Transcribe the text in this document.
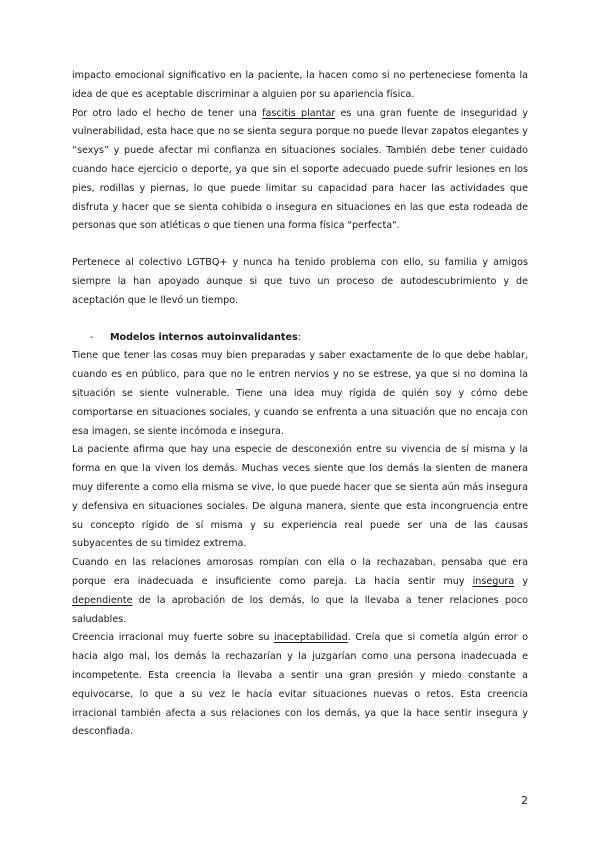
impacto emocional significativo en la paciente, la hacen como si no perteneciese fomenta la idea de que es aceptable discriminar a alguien por su apariencia física.

Por otro lado el hecho de tener una fascitis plantar es una gran fuente de inseguridad y vulnerabilidad, esta hace que no se sienta segura porque no puede llevar zapatos elegantes y “sexys” y puede afectar mi confianza en situaciones sociales. También debe tener cuidado cuando hace ejercicio o deporte, ya que sin el soporte adecuado puede sufrir lesiones en los pies, rodillas y piernas, lo que puede limitar su capacidad para hacer las actividades que disfruta y hacer que se sienta cohibida o insegura en situaciones en las que esta rodeada de personas que son atléticas o que tienen una forma física "perfecta".

Pertenece al colectivo LGTBQ+ y nunca ha tenido problema con ello, su familia y amigos siempre la han apoyado aunque si que tuvo un proceso de autodescubrimiento y de aceptación que le llevó un tiempo.

- Modelos internos autoinvalidantes:

Tiene que tener las cosas muy bien preparadas y saber exactamente de lo que debe hablar, cuando es en público, para que no le entren nervios y no se estrese, ya que si no domina la situación se siente vulnerable. Tiene una idea muy rígida de quién soy y cómo debe comportarse en situaciones sociales, y cuando se enfrenta a una situación que no encaja con esa imagen, se siente incómoda e insegura.

La paciente afirma que hay una especie de desconexión entre su vivencia de sí misma y la forma en que la viven los demás. Muchas veces siente que los demás la sienten de manera muy diferente a como ella misma se vive, lo que puede hacer que se sienta aún más insegura y defensiva en situaciones sociales. De alguna manera, siente que esta incongruencia entre su concepto rígido de sí misma y su experiencia real puede ser una de las causas subyacentes de su timidez extrema.

Cuando en las relaciones amorosas rompían con ella o la rechazaban, pensaba que era porque era inadecuada e insuficiente como pareja. La hacia sentir muy insegura y dependiente de la aprobación de los demás, lo que la llevaba a tener relaciones poco saludables.

Creencia irracional muy fuerte sobre su inaceptabilidad. Creía que si cometía algún error o hacia algo mal, los demás la rechazarían y la juzgarían como una persona inadecuada e incompetente. Esta creencia la llevaba a sentir una gran presión y miedo constante a equivocarse, lo que a su vez le hacía evitar situaciones nuevas o retos. Esta creencia irracional también afecta a sus relaciones con los demás, ya que la hace sentir insegura y desconfiada.

2
